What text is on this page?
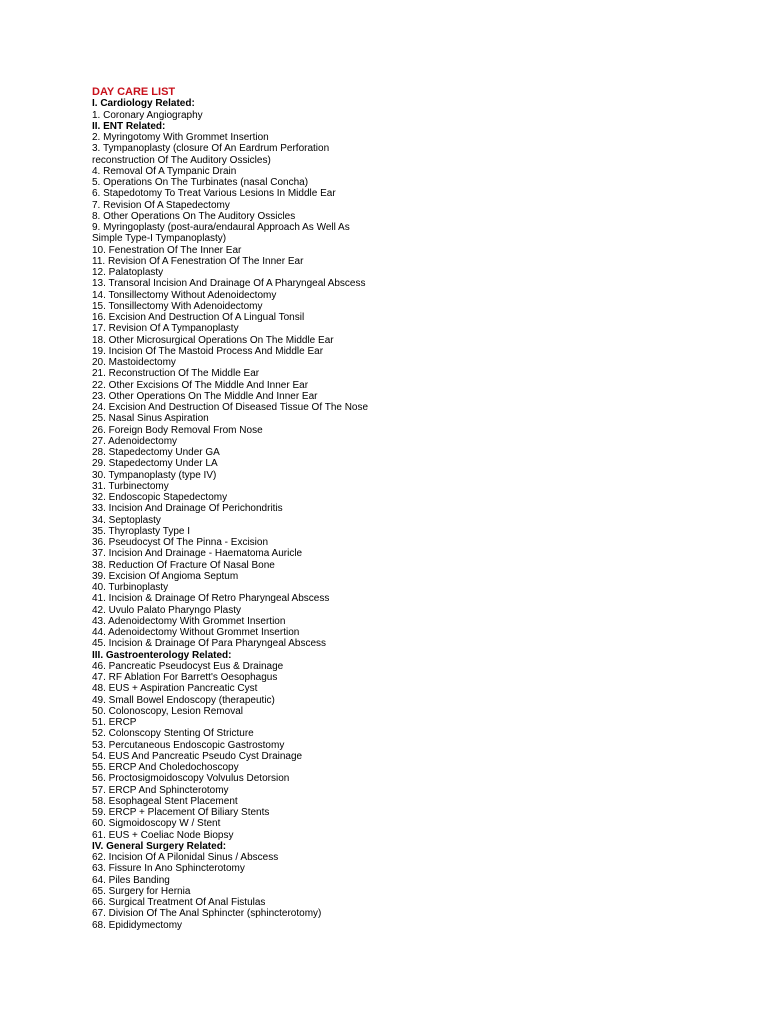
DAY CARE LIST
I. Cardiology Related:
1. Coronary Angiography
II. ENT Related:
2. Myringotomy With Grommet Insertion
3. Tympanoplasty (closure Of An Eardrum Perforation
reconstruction Of The Auditory Ossicles)
4. Removal Of A Tympanic Drain
5. Operations On The Turbinates (nasal Concha)
6. Stapedotomy To Treat Various Lesions In Middle Ear
7. Revision Of A Stapedectomy
8. Other Operations On The Auditory Ossicles
9. Myringoplasty (post-aura/endaural Approach As Well As
Simple Type-I Tympanoplasty)
10. Fenestration Of The Inner Ear
11. Revision Of A Fenestration Of The Inner Ear
12. Palatoplasty
13. Transoral Incision And Drainage Of A Pharyngeal Abscess
14. Tonsillectomy Without Adenoidectomy
15. Tonsillectomy With Adenoidectomy
16. Excision And Destruction Of A Lingual Tonsil
17. Revision Of A Tympanoplasty
18. Other Microsurgical Operations On The Middle Ear
19. Incision Of The Mastoid Process And Middle Ear
20. Mastoidectomy
21. Reconstruction Of The Middle Ear
22. Other Excisions Of The Middle And Inner Ear
23. Other Operations On The Middle And Inner Ear
24. Excision And Destruction Of Diseased Tissue Of The Nose
25. Nasal Sinus Aspiration
26. Foreign Body Removal From Nose
27. Adenoidectomy
28. Stapedectomy Under GA
29. Stapedectomy Under LA
30. Tympanoplasty (type IV)
31. Turbinectomy
32. Endoscopic Stapedectomy
33. Incision And Drainage Of Perichondritis
34. Septoplasty
35. Thyroplasty Type I
36. Pseudocyst Of The Pinna - Excision
37. Incision And Drainage - Haematoma Auricle
38. Reduction Of Fracture Of Nasal Bone
39. Excision Of Angioma Septum
40. Turbinoplasty
41. Incision & Drainage Of Retro Pharyngeal Abscess
42. Uvulo Palato Pharyngo Plasty
43. Adenoidectomy With Grommet Insertion
44. Adenoidectomy Without Grommet Insertion
45. Incision & Drainage Of Para Pharyngeal Abscess
III. Gastroenterology Related:
46. Pancreatic Pseudocyst Eus & Drainage
47. RF Ablation For Barrett's Oesophagus
48. EUS + Aspiration Pancreatic Cyst
49. Small Bowel Endoscopy (therapeutic)
50. Colonoscopy, Lesion Removal
51. ERCP
52. Colonscopy Stenting Of Stricture
53. Percutaneous Endoscopic Gastrostomy
54. EUS And Pancreatic Pseudo Cyst Drainage
55. ERCP And Choledochoscopy
56. Proctosigmoidoscopy Volvulus Detorsion
57. ERCP And Sphincterotomy
58. Esophageal Stent Placement
59. ERCP + Placement Of Biliary Stents
60. Sigmoidoscopy W / Stent
61. EUS + Coeliac Node Biopsy
IV. General Surgery Related:
62. Incision Of A Pilonidal Sinus / Abscess
63. Fissure In Ano Sphincterotomy
64. Piles Banding
65. Surgery for Hernia
66. Surgical Treatment Of Anal Fistulas
67. Division Of The Anal Sphincter (sphincterotomy)
68. Epididymectomy
